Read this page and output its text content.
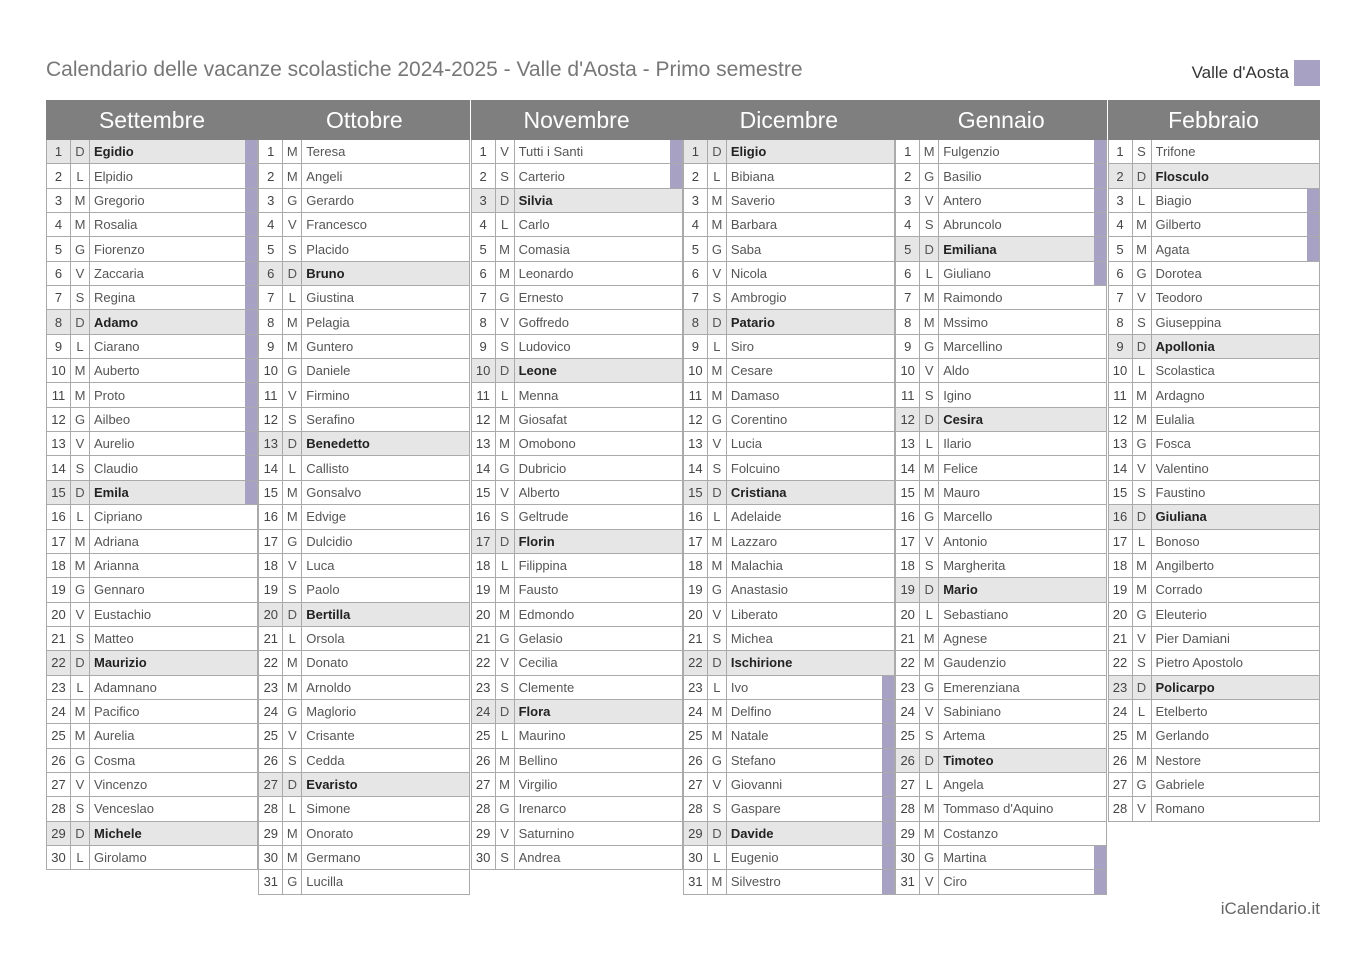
Calendario delle vacanze scolastiche 2024-2025 - Valle d'Aosta - Primo semestre	Valle d'Aosta
Settembre
1	D Egidio
2	L Elpidio
3 M Gregorio
4 M Rosalia
5 G Fiorenzo
6	V Zaccaria
7	S Regina
8	D Adamo
9	L Ciarano
10 M Auberto
11 M Proto
12 G Ailbeo
13 V Aurelio
14 S Claudio
15 D Emila
16 L Cipriano
17 M Adriana
18 M Arianna
19 G Gennaro
20 V Eustachio
21 S Matteo
22 D Maurizio
23 L Adamnano
24 M Pacifico
25 M Aurelia
26 G Cosma
27 V Vincenzo
28 S Venceslao
29 D Michele
30 L Girolamo
Ottobre
1 M Teresa
2 M Angeli
3 G Gerardo
4	V Francesco
5	S Placido
6	D Bruno
7	L Giustina
8 M Pelagia
9 M Guntero
10 G Daniele
11 V Firmino
12 S Serafino
13 D Benedetto
14 L Callisto
15 M Gonsalvo
16 M Edvige
17 G Dulcidio
18 V Luca
19 S Paolo
20 D Bertilla
21 L Orsola
22 M Donato
23 M Arnoldo
24 G Maglorio
25 V Crisante
26 S Cedda
27 D Evaristo
28 L Simone
29 M Onorato
30 M Germano
31 G Lucilla
Novembre
1	V Tutti i Santi
2	S Carterio
3	D Silvia
4	L Carlo
5 M Comasia
6 M Leonardo
7 G Ernesto
8	V Goffredo
9	S Ludovico
10 D Leone
11 L Menna
12 M Giosafat
13 M Omobono
14 G Dubricio
15 V Alberto
16 S Geltrude
17 D Florin
18 L Filippina
19 M Fausto
20 M Edmondo
21 G Gelasio
22 V Cecilia
23 S Clemente
24 D Flora
25 L Maurino
26 M Bellino
27 M Virgilio
28 G Irenarco
29 V Saturnino
30 S Andrea
Dicembre
1	D Eligio
2	L Bibiana
3 M Saverio
4 M Barbara
5 G Saba
6	V Nicola
7	S Ambrogio
8	D Patario
9	L Siro
10 M Cesare
11 M Damaso
12 G Corentino
13 V Lucia
14 S Folcuino
15 D Cristiana
16 L Adelaide
17 M Lazzaro
18 M Malachia
19 G Anastasio
20 V Liberato
21 S Michea
22 D Ischirione
23 L Ivo
24 M Delfino
25 M Natale
26 G Stefano
27 V Giovanni
28 S Gaspare
29 D Davide
30 L Eugenio
31 M Silvestro
Gennaio
1 M Fulgenzio
2 G Basilio
3	V Antero
4	S Abruncolo
5	D Emiliana
6	L Giuliano
7 M Raimondo
8 M Mssimo
9 G Marcellino
10 V Aldo
11 S Igino
12 D Cesira
13 L Ilario
14 M Felice
15 M Mauro
16 G Marcello
17 V Antonio
18 S Margherita
19 D Mario
20 L Sebastiano
21 M Agnese
22 M Gaudenzio
23 G Emerenziana
24 V Sabiniano
25 S Artema
26 D Timoteo
27 L Angela
28 M Tommaso d'Aquino
29 M Costanzo
30 G Martina
31 V Ciro
Febbraio
1	S Trifone
2	D Flosculo
3	L Biagio
4 M Gilberto
5 M Agata
6 G Dorotea
7	V Teodoro
8	S Giuseppina
9	D Apollonia
10 L Scolastica
11 M Ardagno
12 M Eulalia
13 G Fosca
14 V Valentino
15 S Faustino
16 D Giuliana
17 L Bonoso
18 M Angilberto
19 M Corrado
20 G Eleuterio
21 V Pier Damiani
22 S Pietro Apostolo
23 D Policarpo
24 L Etelberto
25 M Gerlando
26 M Nestore
27 G Gabriele
28 V Romano
iCalendario.it
